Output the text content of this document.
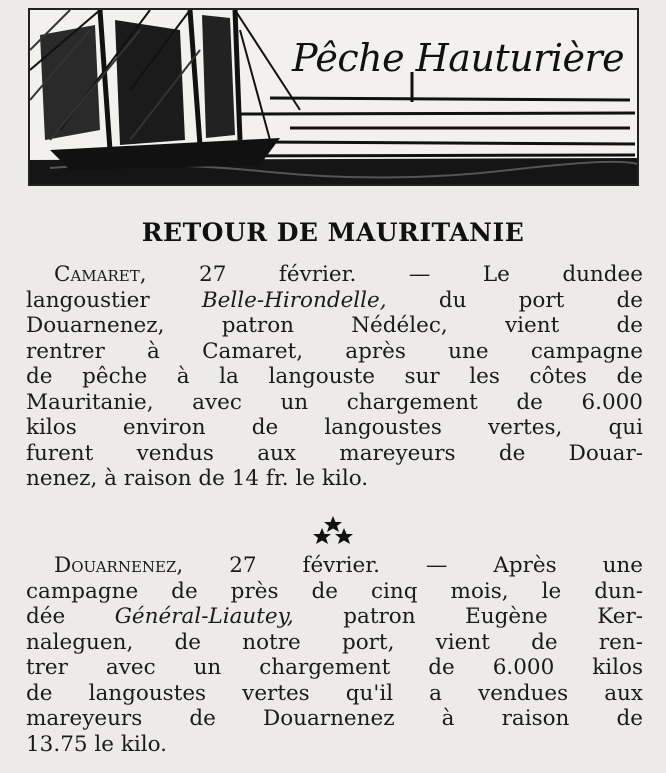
Pêche Hauturière
RETOUR DE MAURITANIE
Camaret, 27 février. — Le dundee
langoustier Belle-Hirondelle, du port de
Douarnenez, patron Nédélec, vient de
rentrer à Camaret, après une campagne
de pêche à la langouste sur les côtes de
Mauritanie, avec un chargement de 6.000
kilos environ de langoustes vertes, qui
furent vendus aux mareyeurs de Douar-
nenez, à raison de 14 fr. le kilo.
Douarnenez, 27 février. — Après une
campagne de près de cinq mois, le dun-
dée Général-Liautey, patron Eugène Ker-
naleguen, de notre port, vient de ren-
trer avec un chargement de 6.000 kilos
de langoustes vertes qu'il a vendues aux
mareyeurs de Douarnenez à raison de
13.75 le kilo.
